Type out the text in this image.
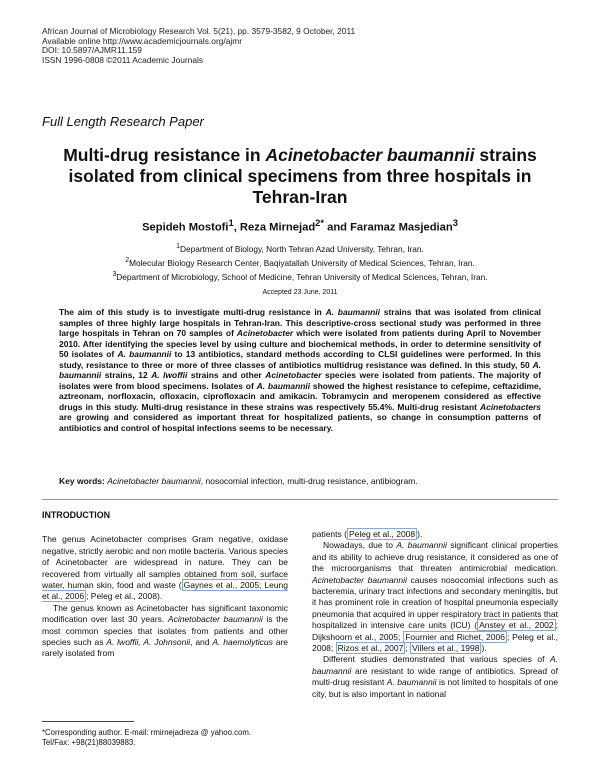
African Journal of Microbiology Research Vol. 5(21), pp. 3579-3582, 9 October, 2011
Available online http://www.academicjournals.org/ajmr
DOI: 10.5897/AJMR11.159
ISSN 1996-0808 ©2011 Academic Journals
Full Length Research Paper
Multi-drug resistance in Acinetobacter baumannii strains isolated from clinical specimens from three hospitals in Tehran-Iran
Sepideh Mostofi$^1$, Reza Mirnejad$^{2*}$ and Faramaz Masjedian$^3$
$^1$Department of Biology, North Tehran Azad University, Tehran, Iran.
$^2$Molecular Biology Research Center, Baqiyatallah University of Medical Sciences, Tehran, Iran.
$^3$Department of Microbiology, School of Medicine, Tehran University of Medical Sciences, Tehran, Iran.
Accepted 23 June, 2011
The aim of this study is to investigate multi-drug resistance in A. baumannii strains that was isolated from clinical samples of three highly large hospitals in Tehran-Iran. This descriptive-cross sectional study was performed in three large hospitals in Tehran on 70 samples of Acinetobacter which were isolated from patients during April to November 2010. After identifying the species level by using culture and biochemical methods, in order to determine sensitivity of 50 isolates of A. baumannii to 13 antibiotics, standard methods according to CLSI guidelines were performed. In this study, resistance to three or more of three classes of antibiotics multidrug resistance was defined. In this study, 50 A. baumannii strains, 12 A. lwoffii strains and other Acinetobacter species were isolated from patients. The majority of isolates were from blood specimens. Isolates of A. baumannii showed the highest resistance to cefepime, ceftazidime, aztreonam, norfloxacin, ofloxacin, ciprofloxacin and amikacin. Tobramycin and meropenem considered as effective drugs in this study. Multi-drug resistance in these strains was respectively 55.4%. Multi-drug resistant Acinetobacters are growing and considered as important threat for hospitalized patients, so change in consumption patterns of antibiotics and control of hospital infections seems to be necessary.
Key words: Acinetobacter baumannii, nosocomial infection, multi-drug resistance, antibiogram.

INTRODUCTION

The genus Acinetobacter comprises Gram negative, oxidase negative, strictly aerobic and non motile bacteria. Various species of Acinetobacter are widespread in nature. They can be recovered from virtually all samples obtained from soil, surface water, human skin, food and waste ( Gaynes et al., 2005; Leung et al., 2006 ; Peleg et al., 2008).

The genus known as Acinetobacter has significant taxonomic modification over last 30 years. Acinetobacter baumannii is the most common species that isolates from patients and other species such as A. lwoffii, A. Johnsonii, and A. haemolyticus are rarely isolated from

*Corresponding author. E-mail: rmirnejadreza @ yahoo.com.
Tel/Fax: +98(21)88039883.

patients ( Peleg et al., 2008 ).

Nowadays, due to A. baumannii significant clinical properties and its ability to achieve drug resistance, it considered as one of the microorganisms that threaten antimicrobial medication. Acinetobacter baumannii causes nosocomial infections such as bacteremia, urinary tract infections and secondary meningitis, but it has prominent role in creation of hospital pneumonia especially pneumonia that acquired in upper respiratory tract in patients that hospitalized in intensive care units (ICU) ( Anstey et al., 2002 ; Dijkshoorn et al., 2005; Fournier and Richet, 2006 ; Peleg et al., 2008; Rizos et al., 2007 ; Villers et al., 1998 ).

Different studies demonstrated that various species of A. baumannii are resistant to wide range of antibiotics. Spread of multi-drug resistant A. baumannii is not limited to hospitals of one city, but is also important in national
